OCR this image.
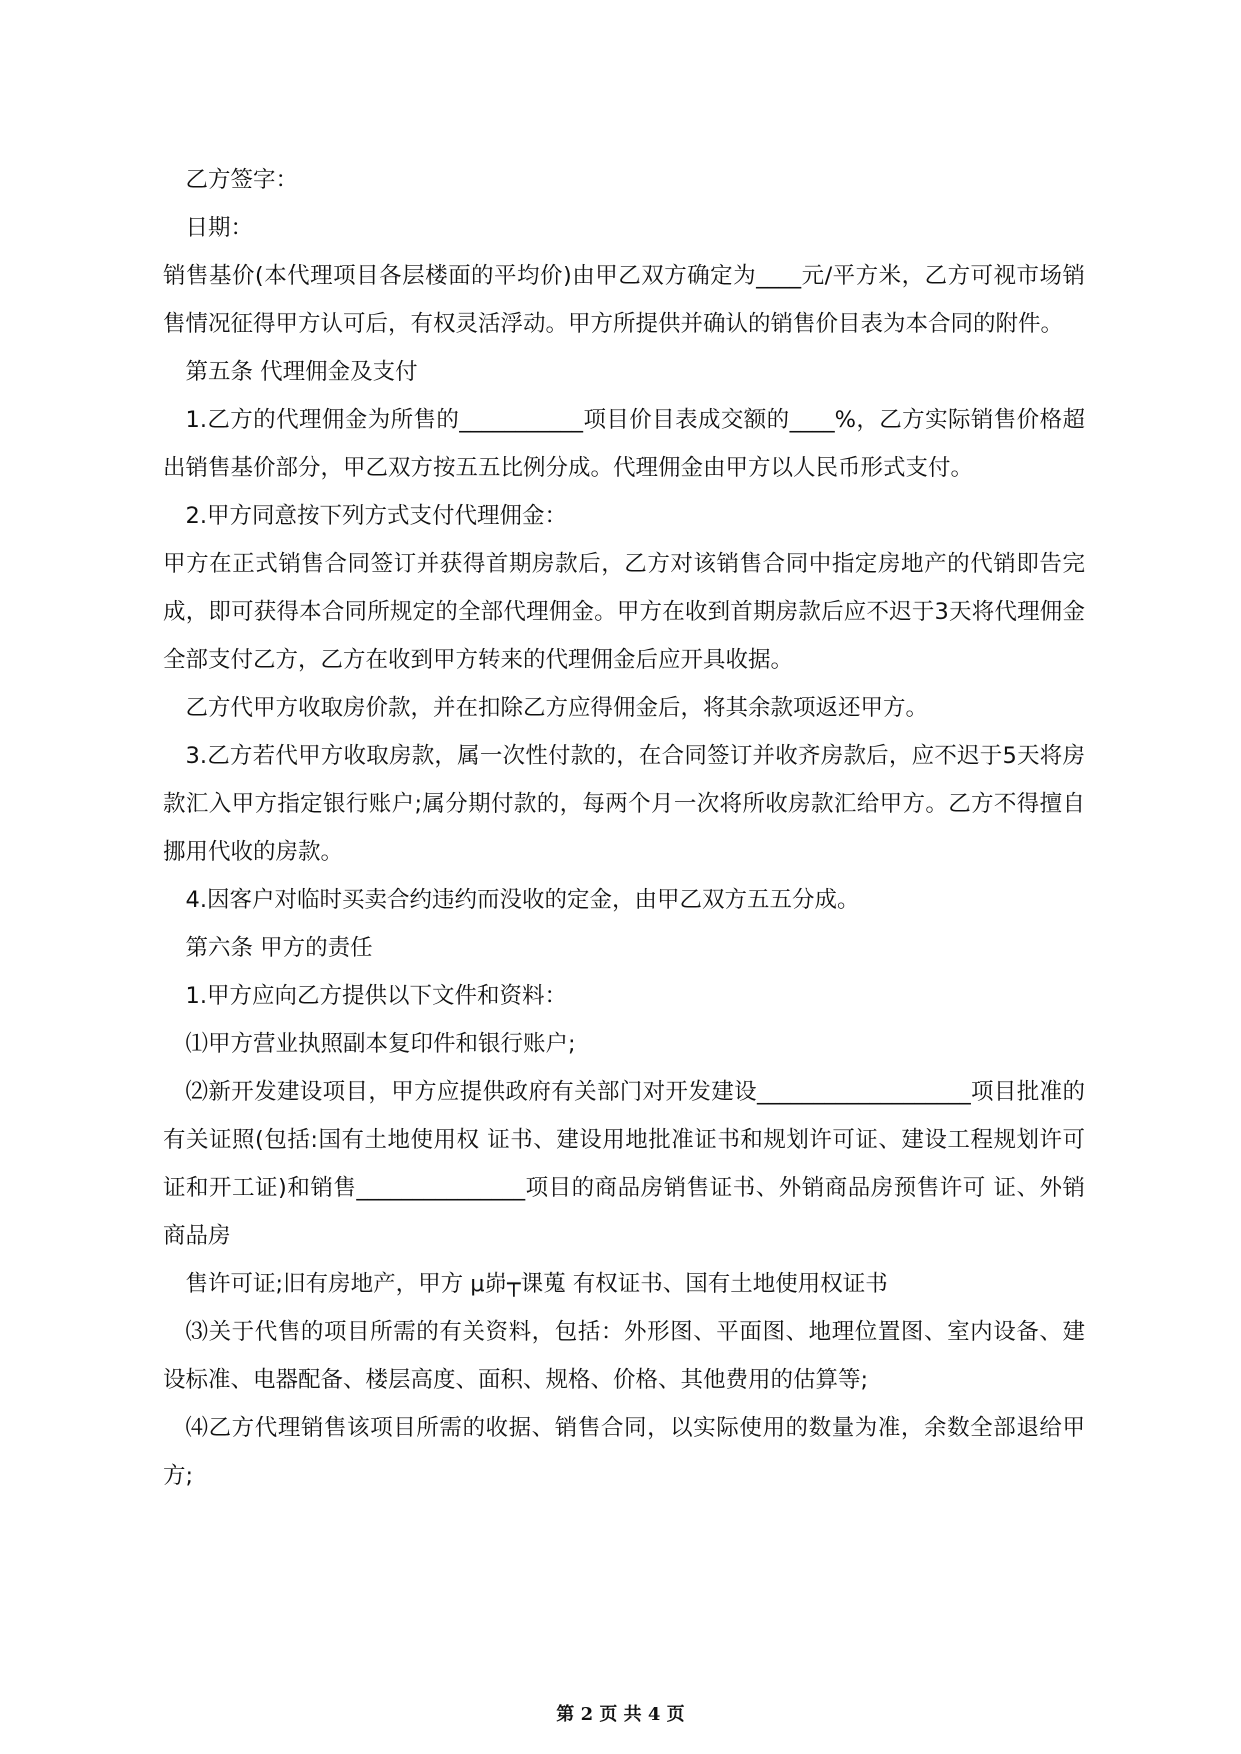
乙方签字：

日期：

销售基价(本代理项目各层楼面的平均价)由甲乙双方确定为____元/平方米，乙方可视市场销售情况征得甲方认可后，有权灵活浮动。甲方所提供并确认的销售价目表为本合同的附件。

第五条 代理佣金及支付

1.乙方的代理佣金为所售的___________项目价目表成交额的____%，乙方实际销售价格超出销售基价部分，甲乙双方按五五比例分成。代理佣金由甲方以人民币形式支付。

2.甲方同意按下列方式支付代理佣金：

甲方在正式销售合同签订并获得首期房款后，乙方对该销售合同中指定房地产的代销即告完成，即可获得本合同所规定的全部代理佣金。甲方在收到首期房款后应不迟于3天将代理佣金全部支付乙方，乙方在收到甲方转来的代理佣金后应开具收据。

乙方代甲方收取房价款，并在扣除乙方应得佣金后，将其余款项返还甲方。

3.乙方若代甲方收取房款，属一次性付款的，在合同签订并收齐房款后，应不迟于5天将房款汇入甲方指定银行账户;属分期付款的，每两个月一次将所收房款汇给甲方。乙方不得擅自挪用代收的房款。

4.因客户对临时买卖合约违约而没收的定金，由甲乙双方五五分成。

第六条 甲方的责任

1.甲方应向乙方提供以下文件和资料：

⑴甲方营业执照副本复印件和银行账户;

⑵新开发建设项目，甲方应提供政府有关部门对开发建设___________________项目批准的有关证照(包括:国有土地使用权 证书、建设用地批准证书和规划许可证、建设工程规划许可证和开工证)和销售_______________项目的商品房销售证书、外销商品房预售许可 证、外销商品房

售许可证;旧有房地产，甲方 μ峁┬课蒐 有权证书、国有土地使用权证书

⑶关于代售的项目所需的有关资料，包括：外形图、平面图、地理位置图、室内设备、建设标准、电器配备、楼层高度、面积、规格、价格、其他费用的估算等;

⑷乙方代理销售该项目所需的收据、销售合同，以实际使用的数量为准，余数全部退给甲方;

第 2 页 共 4 页
